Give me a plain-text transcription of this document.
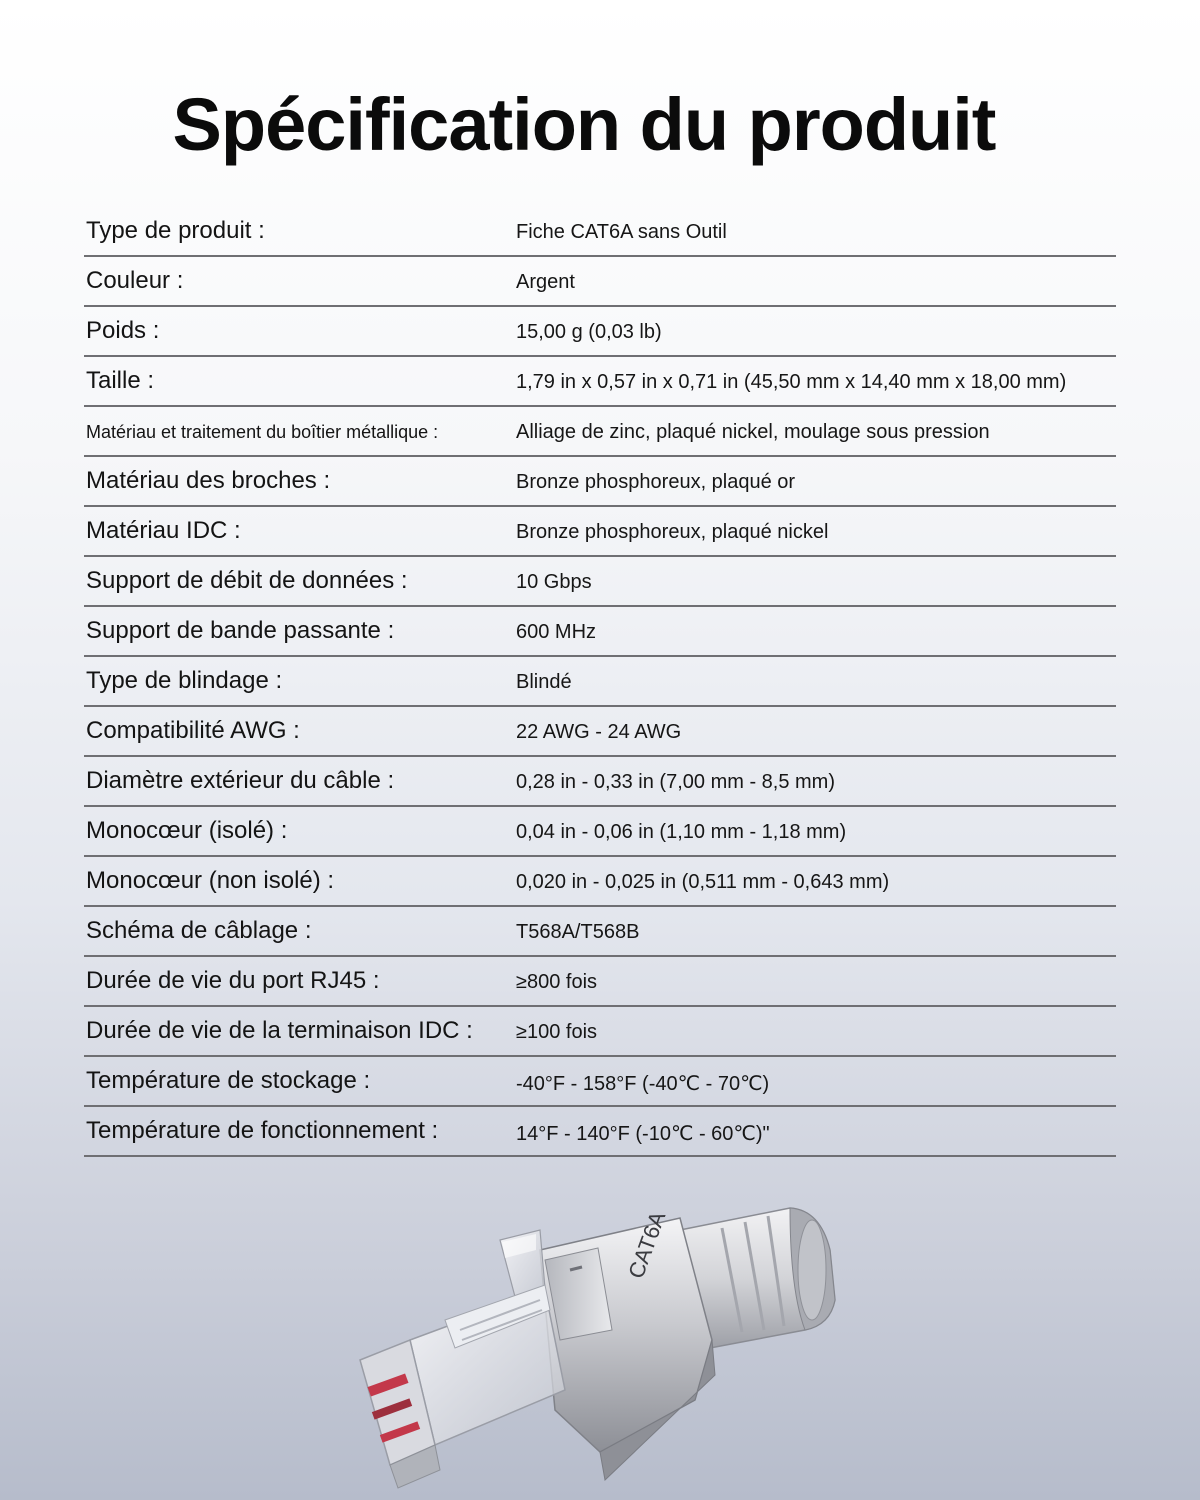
Spécification du produit
Type de produit :	Fiche CAT6A sans Outil
Couleur :	Argent
Poids :	15,00 g (0,03 lb)
Taille :	1,79 in x 0,57 in x 0,71 in (45,50 mm x 14,40 mm x 18,00 mm)
Matériau et traitement du boîtier métallique :	Alliage de zinc, plaqué nickel, moulage sous pression
Matériau des broches :	Bronze phosphoreux, plaqué or
Matériau IDC :	Bronze phosphoreux, plaqué nickel
Support de débit de données :	10 Gbps
Support de bande passante :	600 MHz
Type de blindage :	Blindé
Compatibilité AWG :	22 AWG - 24 AWG
Diamètre extérieur du câble :	0,28 in - 0,33 in (7,00 mm - 8,5 mm)
Monocœur (isolé) :	0,04 in - 0,06 in (1,10 mm - 1,18 mm)
Monocœur (non isolé) :	0,020 in - 0,025 in (0,511 mm - 0,643 mm)
Schéma de câblage :	T568A/T568B
Durée de vie du port RJ45 :	≥800 fois
Durée de vie de la terminaison IDC : ≥100 fois
Température de stockage :	-40°F - 158°F (-40℃ - 70℃)
Température de fonctionnement :	14°F - 140°F (-10℃ - 60℃)"
CAT6A
